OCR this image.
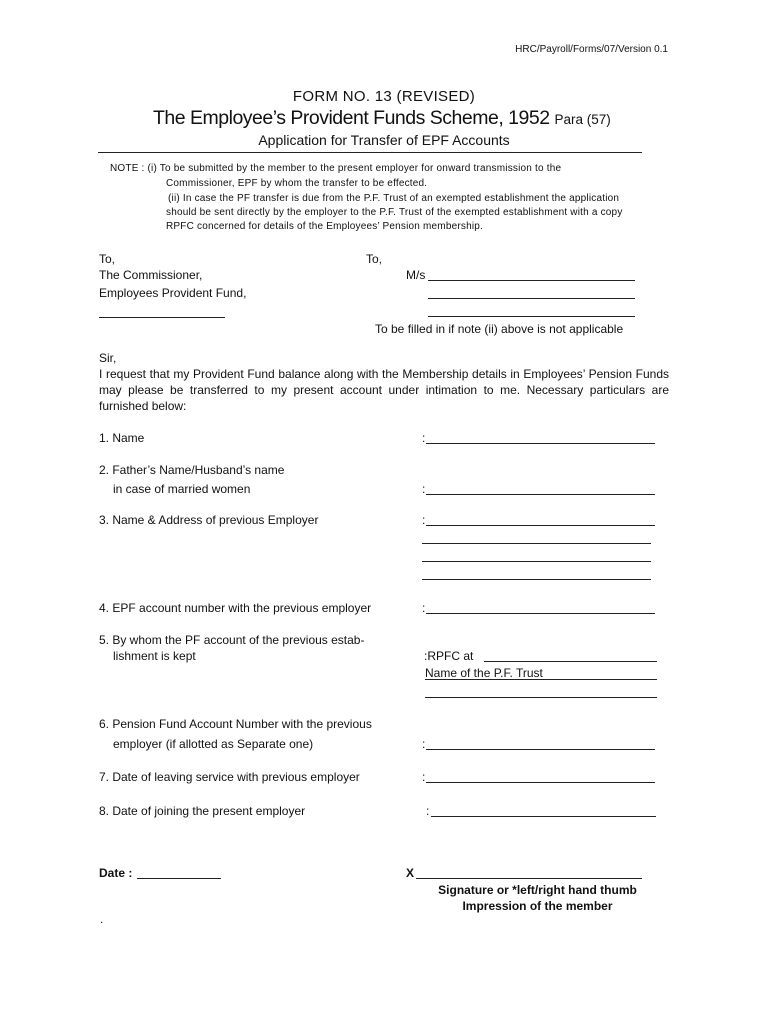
HRC/Payroll/Forms/07/Version 0.1
FORM NO. 13 (REVISED)
The Employee’s Provident Funds Scheme, 1952 Para (57)
Application for Transfer of EPF Accounts
NOTE : (i) To be submitted by the member to the present employer for onward transmission to the
Commissioner, EPF by whom the transfer to be effected.
(ii) In case the PF transfer is due from the P.F. Trust of an exempted establishment the application
should be sent directly by the employer to the P.F. Trust of the exempted establishment with a copy
RPFC concerned for details of the Employees’ Pension membership.
To,
The Commissioner,
Employees Provident Fund,
To,
M/s
To be filled in if note (ii) above is not applicable
Sir,
I request that my Provident Fund balance along with the Membership details in Employees’ Pension Funds may please be transferred to my present account under intimation to me. Necessary particulars are furnished below:
1. Name	:
2. Father’s Name/Husband’s name
in case of married women	:
3. Name & Address of previous Employer	:
4. EPF account number with the previous employer	:
5. By whom the PF account of the previous estab-
lishment is kept	:RPFC at
Name of the P.F. Trust
6. Pension Fund Account Number with the previous
employer (if allotted as Separate one)	:
7. Date of leaving service with previous employer	:
8. Date of joining the present employer	:
Date :	X
Signature or *left/right hand thumb
Impression of the member
.
